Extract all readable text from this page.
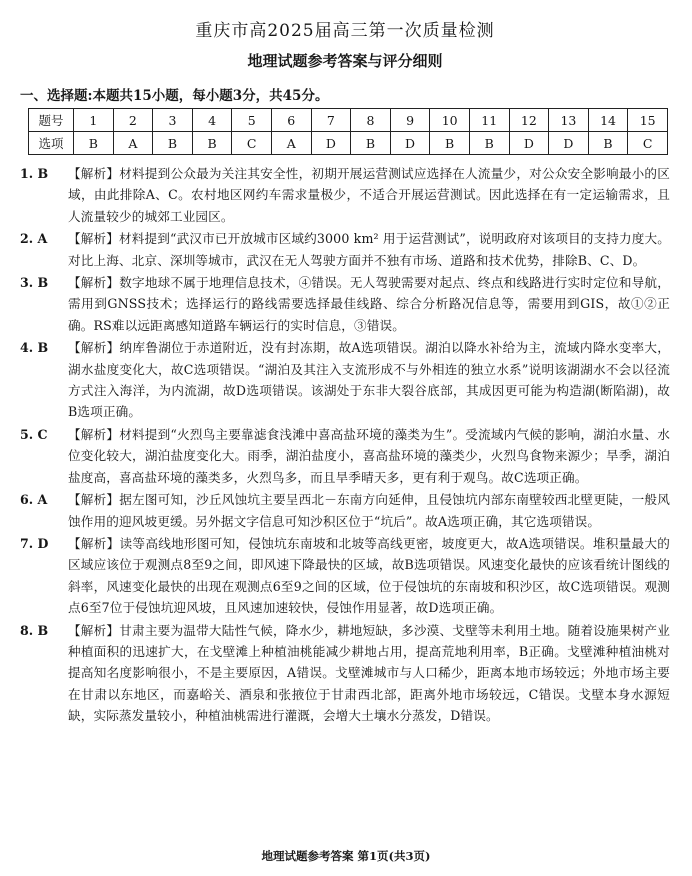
重庆市高2025届高三第一次质量检测
地理试题参考答案与评分细则
一、选择题:本题共15小题，每小题3分，共45分。
题号	1	2	3	4	5	6	7	8	9	10	11	12	13	14	15
选项	B	A	B	B	C	A	D	B	D	B	B	D	D	B	C
1. B	【解析】材料提到公众最为关注其安全性，初期开展运营测试应选择在人流量少，对公众安全影响最小的区域，由此排除A、C。农村地区网约车需求量极少，不适合开展运营测试。因此选择在有一定运输需求，且人流量较少的城郊工业园区。
2. A	【解析】材料提到“武汉市已开放城市区域约3000 km² 用于运营测试”，说明政府对该项目的支持力度大。对比上海、北京、深圳等城市，武汉在无人驾驶方面并不独有市场、道路和技术优势，排除B、C、D。
3. B	【解析】数字地球不属于地理信息技术，④错误。无人驾驶需要对起点、终点和线路进行实时定位和导航，需用到GNSS技术；选择运行的路线需要选择最佳线路、综合分析路况信息等，需要用到GIS，故①②正确。RS难以远距离感知道路车辆运行的实时信息，③错误。
4. B	【解析】纳库鲁湖位于赤道附近，没有封冻期，故A选项错误。湖泊以降水补给为主，流域内降水变率大，湖水盐度变化大，故C选项错误。“湖泊及其注入支流形成不与外相连的独立水系”说明该湖湖水不会以径流方式注入海洋，为内流湖，故D选项错误。该湖处于东非大裂谷底部，其成因更可能为构造湖(断陷湖)，故B选项正确。
5. C	【解析】材料提到“火烈鸟主要靠滤食浅滩中喜高盐环境的藻类为生”。受流域内气候的影响，湖泊水量、水位变化较大，湖泊盐度变化大。雨季，湖泊盐度小，喜高盐环境的藻类少，火烈鸟食物来源少；旱季，湖泊盐度高，喜高盐环境的藻类多，火烈鸟多，而且旱季晴天多，更有利于观鸟。故C选项正确。
6. A	【解析】据左图可知，沙丘风蚀坑主要呈西北－东南方向延伸，且侵蚀坑内部东南壁较西北壁更陡，一般风蚀作用的迎风坡更缓。另外据文字信息可知沙积区位于“坑后”。故A选项正确，其它选项错误。
7. D	【解析】读等高线地形图可知，侵蚀坑东南坡和北坡等高线更密，坡度更大，故A选项错误。堆积量最大的区域应该位于观测点8至9之间，即风速下降最快的区域，故B选项错误。风速变化最快的应该看统计图线的斜率，风速变化最快的出现在观测点6至9之间的区域，位于侵蚀坑的东南坡和积沙区，故C选项错误。观测点6至7位于侵蚀坑迎风坡，且风速加速较快，侵蚀作用显著，故D选项正确。
8. B	【解析】甘肃主要为温带大陆性气候，降水少，耕地短缺，多沙漠、戈壁等未利用土地。随着设施果树产业种植面积的迅速扩大，在戈壁滩上种植油桃能减少耕地占用，提高荒地利用率，B正确。戈壁滩种植油桃对提高知名度影响很小，不是主要原因，A错误。戈壁滩城市与人口稀少，距离本地市场较远；外地市场主要在甘肃以东地区，而嘉峪关、酒泉和张掖位于甘肃西北部，距离外地市场较远，C错误。戈壁本身水源短缺，实际蒸发量较小，种植油桃需进行灌溉，会增大土壤水分蒸发，D错误。
地理试题参考答案 第1页(共3页)
